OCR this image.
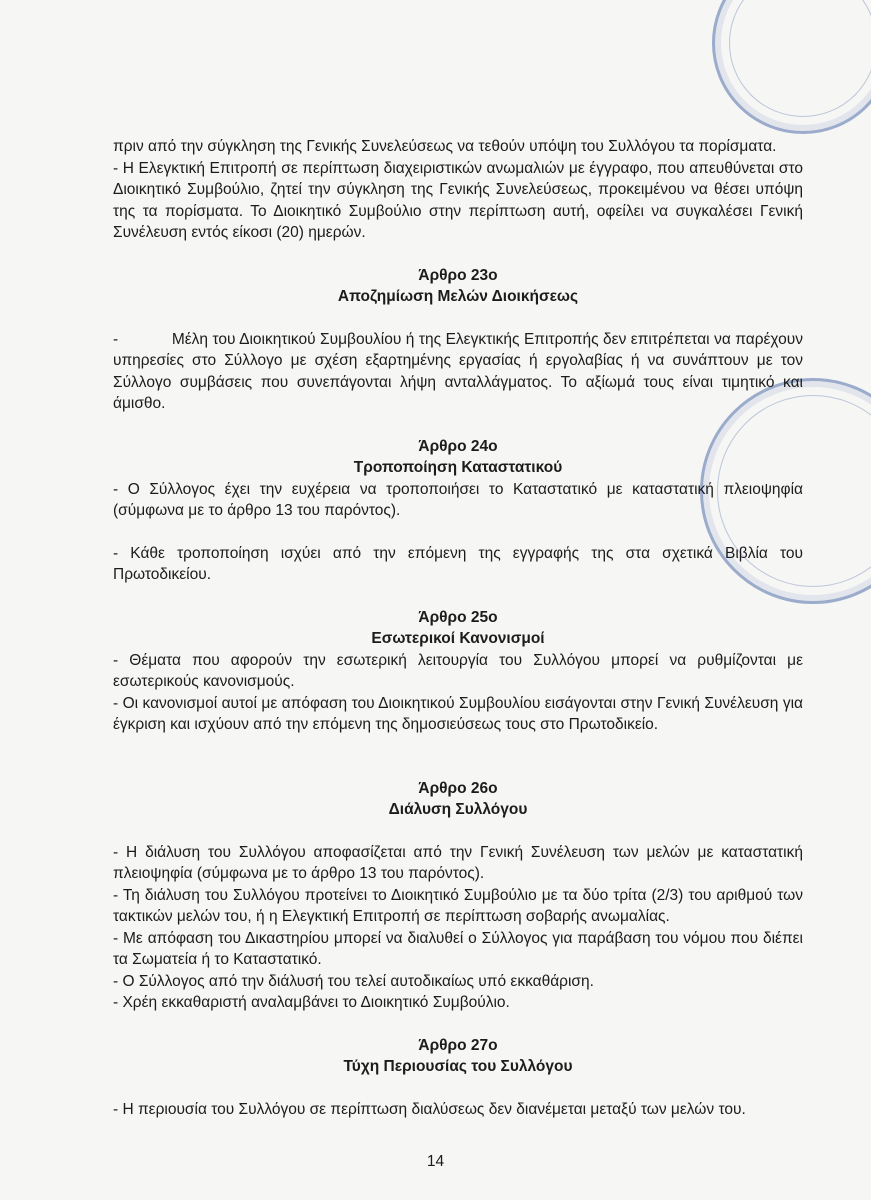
πριν από την σύγκληση της Γενικής Συνελεύσεως να τεθούν υπόψη του Συλλόγου τα πορίσματα.

- Η Ελεγκτική Επιτροπή σε περίπτωση διαχειριστικών ανωμαλιών με έγγραφο, που απευθύνεται στο Διοικητικό Συμβούλιο, ζητεί την σύγκληση της Γενικής Συνελεύσεως, προκειμένου να θέσει υπόψη της τα πορίσματα. Το Διοικητικό Συμβούλιο στην περίπτωση αυτή, οφείλει να συγκαλέσει Γενική Συνέλευση εντός είκοσι (20) ημερών.

Άρθρο 23ο

Αποζημίωση Μελών Διοικήσεως

-            Μέλη του Διοικητικού Συμβουλίου ή της Ελεγκτικής Επιτροπής δεν επιτρέπεται να παρέχουν υπηρεσίες στο Σύλλογο με σχέση εξαρτημένης εργασίας ή εργολαβίας ή να συνάπτουν με τον Σύλλογο συμβάσεις που συνεπάγονται λήψη ανταλλάγματος. Το αξίωμά τους είναι τιμητικό και άμισθο.

Άρθρο 24ο

Τροποποίηση Καταστατικού

- Ο Σύλλογος έχει την ευχέρεια να τροποποιήσει το Καταστατικό με καταστατική πλειοψηφία (σύμφωνα με το άρθρο 13 του παρόντος).

- Κάθε τροποποίηση ισχύει από την επόμενη της εγγραφής της στα σχετικά Βιβλία του Πρωτοδικείου.

Άρθρο 25ο

Εσωτερικοί Κανονισμοί

- Θέματα που αφορούν την εσωτερική λειτουργία του Συλλόγου μπορεί να ρυθμίζονται με εσωτερικούς κανονισμούς.

- Οι κανονισμοί αυτοί με απόφαση του Διοικητικού Συμβουλίου εισάγονται στην Γενική Συνέλευση για έγκριση και ισχύουν από την επόμενη της δημοσιεύσεως τους στο Πρωτοδικείο.

Άρθρο 26ο

Διάλυση Συλλόγου

- Η διάλυση του Συλλόγου αποφασίζεται από την Γενική Συνέλευση των μελών με καταστατική πλειοψηφία (σύμφωνα με το άρθρο 13 του παρόντος).

- Τη διάλυση του Συλλόγου προτείνει το Διοικητικό Συμβούλιο με τα δύο τρίτα (2/3) του αριθμού των τακτικών μελών του, ή η Ελεγκτική Επιτροπή σε περίπτωση σοβαρής ανωμαλίας.

- Με απόφαση του Δικαστηρίου μπορεί να διαλυθεί ο Σύλλογος για παράβαση του νόμου που διέπει τα Σωματεία ή το Καταστατικό.

- Ο Σύλλογος από την διάλυσή του τελεί αυτοδικαίως υπό εκκαθάριση.

- Χρέη εκκαθαριστή αναλαμβάνει το Διοικητικό Συμβούλιο.

Άρθρο 27ο

Τύχη Περιουσίας του Συλλόγου

- Η περιουσία του Συλλόγου σε περίπτωση διαλύσεως δεν διανέμεται μεταξύ των μελών του.

14
